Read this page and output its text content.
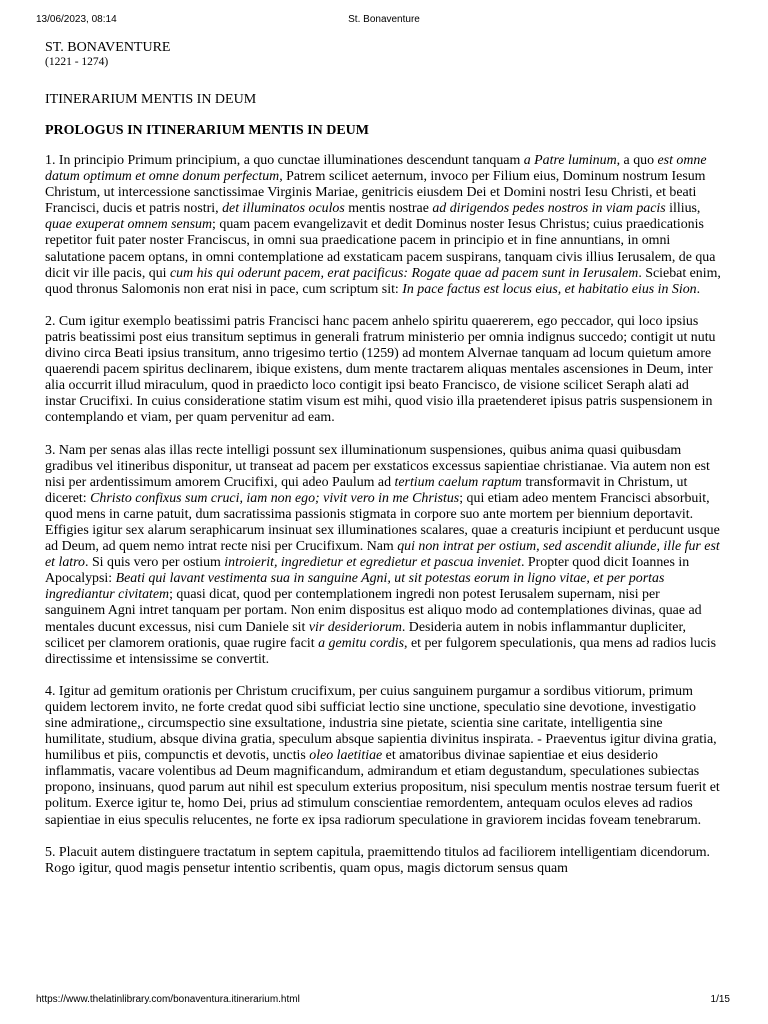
13/06/2023, 08:14	St. Bonaventure

ST. BONAVENTURE

(1221 - 1274)

ITINERARIUM MENTIS IN DEUM

PROLOGUS IN ITINERARIUM MENTIS IN DEUM

1. In principio Primum principium, a quo cunctae illuminationes descendunt tanquam a Patre luminum, a quo est omne datum optimum et omne donum perfectum, Patrem scilicet aeternum, invoco per Filium eius, Dominum nostrum Iesum Christum, ut intercessione sanctissimae Virginis Mariae, genitricis eiusdem Dei et Domini nostri Iesu Christi, et beati Francisci, ducis et patris nostri, det illuminatos oculos mentis nostrae ad dirigendos pedes nostros in viam pacis illius, quae exuperat omnem sensum; quam pacem evangelizavit et dedit Dominus noster Iesus Christus; cuius praedicationis repetitor fuit pater noster Franciscus, in omni sua praedicatione pacem in principio et in fine annuntians, in omni salutatione pacem optans, in omni contemplatione ad exstaticam pacem suspirans, tanquam civis illius Ierusalem, de qua dicit vir ille pacis, qui cum his qui oderunt pacem, erat pacificus: Rogate quae ad pacem sunt in Ierusalem. Sciebat enim, quod thronus Salomonis non erat nisi in pace, cum scriptum sit: In pace factus est locus eius, et habitatio eius in Sion.

2. Cum igitur exemplo beatissimi patris Francisci hanc pacem anhelo spiritu quaererem, ego peccador, qui loco ipsius patris beatissimi post eius transitum septimus in generali fratrum ministerio per omnia indignus succedo; contigit ut nutu divino circa Beati ipsius transitum, anno trigesimo tertio (1259) ad montem Alvernae tanquam ad locum quietum amore quaerendi pacem spiritus declinarem, ibique existens, dum mente tractarem aliquas mentales ascensiones in Deum, inter alia occurrit illud miraculum, quod in praedicto loco contigit ipsi beato Francisco, de visione scilicet Seraph alati ad instar Crucifixi. In cuius consideratione statim visum est mihi, quod visio illa praetenderet ipisus patris suspensionem in contemplando et viam, per quam pervenitur ad eam.

3. Nam per senas alas illas recte intelligi possunt sex illuminationum suspensiones, quibus anima quasi quibusdam gradibus vel itineribus disponitur, ut transeat ad pacem per exstaticos excessus sapientiae christianae. Via autem non est nisi per ardentissimum amorem Crucifixi, qui adeo Paulum ad tertium caelum raptum transformavit in Christum, ut diceret: Christo confixus sum cruci, iam non ego; vivit vero in me Christus; qui etiam adeo mentem Francisci absorbuit, quod mens in carne patuit, dum sacratissima passionis stigmata in corpore suo ante mortem per biennium deportavit. Effigies igitur sex alarum seraphicarum insinuat sex illuminationes scalares, quae a creaturis incipiunt et perducunt usque ad Deum, ad quem nemo intrat recte nisi per Crucifixum. Nam qui non intrat per ostium, sed ascendit aliunde, ille fur est et latro. Si quis vero per ostium introierit, ingredietur et egredietur et pascua inveniet. Propter quod dicit Ioannes in Apocalypsi: Beati qui lavant vestimenta sua in sanguine Agni, ut sit potestas eorum in ligno vitae, et per portas ingrediantur civitatem; quasi dicat, quod per contemplationem ingredi non potest Ierusalem supernam, nisi per sanguinem Agni intret tanquam per portam. Non enim dispositus est aliquo modo ad contemplationes divinas, quae ad mentales ducunt excessus, nisi cum Daniele sit vir desideriorum. Desideria autem in nobis inflammantur dupliciter, scilicet per clamorem orationis, quae rugire facit a gemitu cordis, et per fulgorem speculationis, qua mens ad radios lucis directissime et intensissime se convertit.

4. Igitur ad gemitum orationis per Christum crucifixum, per cuius sanguinem purgamur a sordibus vitiorum, primum quidem lectorem invito, ne forte credat quod sibi sufficiat lectio sine unctione, speculatio sine devotione, investigatio sine admiratione,, circumspectio sine exsultatione, industria sine pietate, scientia sine caritate, intelligentia sine humilitate, studium, absque divina gratia, speculum absque sapientia divinitus inspirata. - Praeventus igitur divina gratia, humilibus et piis, compunctis et devotis, unctis oleo laetitiae et amatoribus divinae sapientiae et eius desiderio inflammatis, vacare volentibus ad Deum magnificandum, admirandum et etiam degustandum, speculationes subiectas propono, insinuans, quod parum aut nihil est speculum exterius propositum, nisi speculum mentis nostrae tersum fuerit et politum. Exerce igitur te, homo Dei, prius ad stimulum conscientiae remordentem, antequam oculos eleves ad radios sapientiae in eius speculis relucentes, ne forte ex ipsa radiorum speculatione in graviorem incidas foveam tenebrarum.

5. Placuit autem distinguere tractatum in septem capitula, praemittendo titulos ad faciliorem intelligentiam dicendorum. Rogo igitur, quod magis pensetur intentio scribentis, quam opus, magis dictorum sensus quam

https://www.thelatinlibrary.com/bonaventura.itinerarium.html	1/15
